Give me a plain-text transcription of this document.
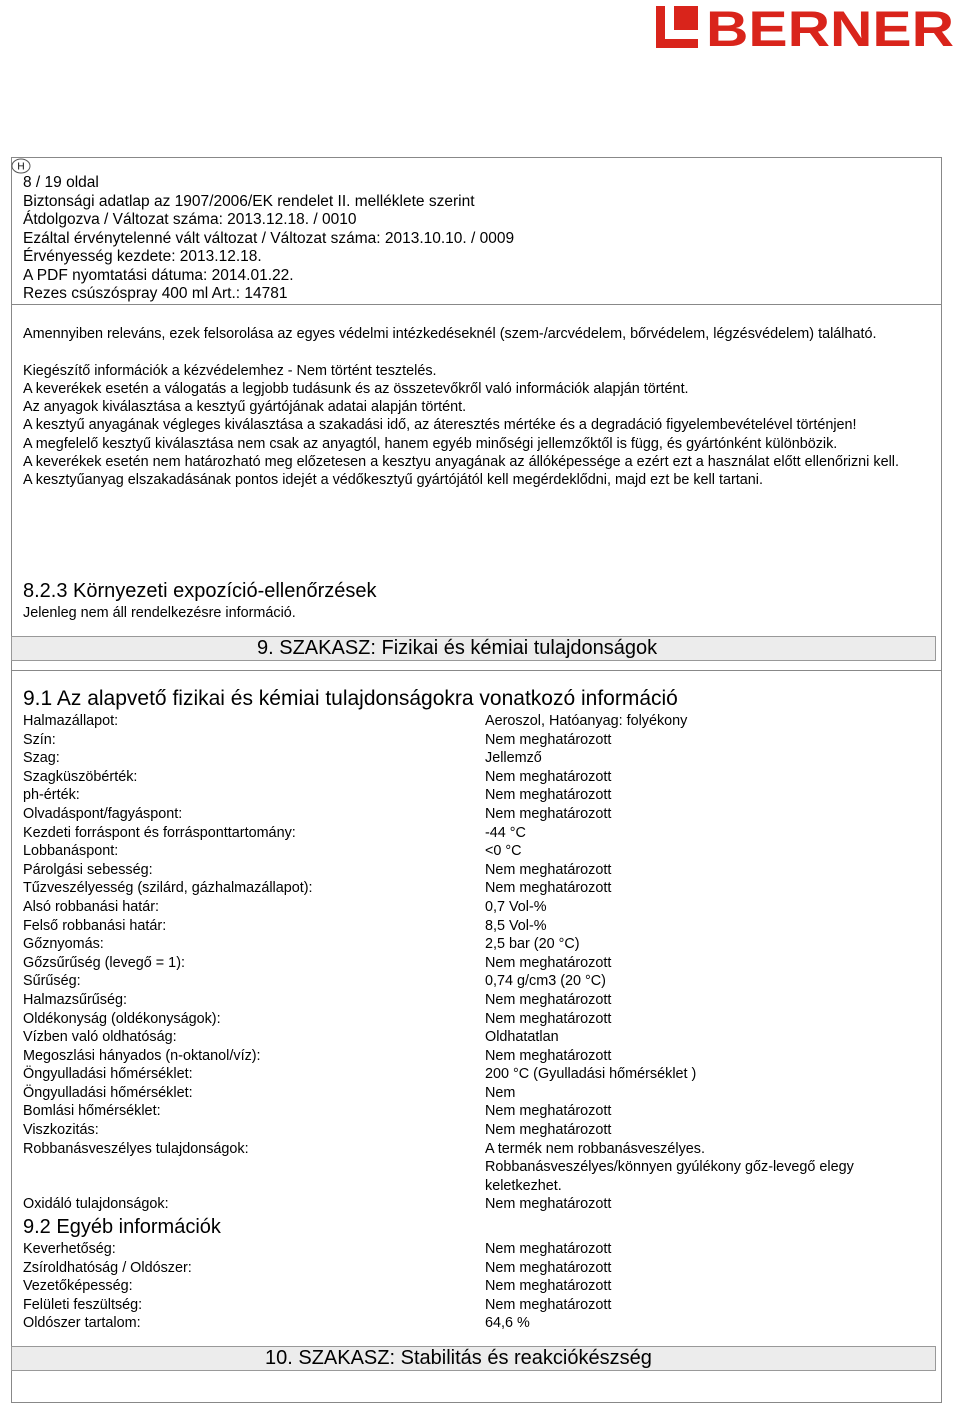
BERNER
H
8 / 19 oldal
Biztonsági adatlap az 1907/2006/EK rendelet II. melléklete szerint
Átdolgozva / Változat száma: 2013.12.18. / 0010
Ezáltal érvénytelenné vált változat / Változat száma: 2013.10.10. / 0009
Érvényesség kezdete: 2013.12.18.
A PDF nyomtatási dátuma: 2014.01.22.
Rezes csúszóspray 400 ml Art.: 14781
Amennyiben releváns, ezek felsorolása az egyes védelmi intézkedéseknél (szem-/arcvédelem, bőrvédelem, légzésvédelem) található.
Kiegészítő információk a kézvédelemhez - Nem történt tesztelés.
A keverékek esetén a válogatás a legjobb tudásunk és az összetevőkről való információk alapján történt.
Az anyagok kiválasztása a kesztyű gyártójának adatai alapján történt.
A kesztyű anyagának végleges kiválasztása a szakadási idő, az áteresztés mértéke és a degradáció figyelembevételével történjen!
A megfelelő kesztyű kiválasztása nem csak az anyagtól, hanem egyéb minőségi jellemzőktől is függ, és gyártónként különbözik.
A keverékek esetén nem határozható meg előzetesen a kesztyu anyagának az állóképessége a ezért ezt a használat előtt ellenőrizni kell.
A kesztyűanyag elszakadásának pontos idejét a védőkesztyű gyártójától kell megérdeklődni, majd ezt be kell tartani.
8.2.3 Környezeti expozíció-ellenőrzések
Jelenleg nem áll rendelkezésre információ.
9. SZAKASZ: Fizikai és kémiai tulajdonságok
9.1 Az alapvető fizikai és kémiai tulajdonságokra vonatkozó információ
Halmazállapot:	Aeroszol, Hatóanyag: folyékony
Szín:	Nem meghatározott
Szag:	Jellemző
Szagküszöbérték:	Nem meghatározott
ph-érték:	Nem meghatározott
Olvadáspont/fagyáspont:	Nem meghatározott
Kezdeti forráspont és forrásponttartomány:	-44 °C
Lobbanáspont:	<0 °C
Párolgási sebesség:	Nem meghatározott
Tűzveszélyesség (szilárd, gázhalmazállapot):	Nem meghatározott
Alsó robbanási határ:	0,7 Vol-%
Felső robbanási határ:	8,5 Vol-%
Gőznyomás:	2,5 bar (20 °C)
Gőzsűrűség (levegő = 1):	Nem meghatározott
Sűrűség:	0,74 g/cm3 (20 °C)
Halmazsűrűség:	Nem meghatározott
Oldékonyság (oldékonyságok):	Nem meghatározott
Vízben való oldhatóság:	Oldhatatlan
Megoszlási hányados (n-oktanol/víz):	Nem meghatározott
Öngyulladási hőmérséklet:	200 °C (Gyulladási hőmérséklet )
Öngyulladási hőmérséklet:	Nem
Bomlási hőmérséklet:	Nem meghatározott
Viszkozitás:	Nem meghatározott
Robbanásveszélyes tulajdonságok:	A termék nem robbanásveszélyes.
Robbanásveszélyes/könnyen gyúlékony gőz-levegő elegy keletkezhet.
Oxidáló tulajdonságok:	Nem meghatározott
9.2 Egyéb információk
Keverhetőség:	Nem meghatározott
Zsíroldhatóság / Oldószer:	Nem meghatározott
Vezetőképesség:	Nem meghatározott
Felületi feszültség:	Nem meghatározott
Oldószer tartalom:	64,6 %
10. SZAKASZ: Stabilitás és reakciókészség
